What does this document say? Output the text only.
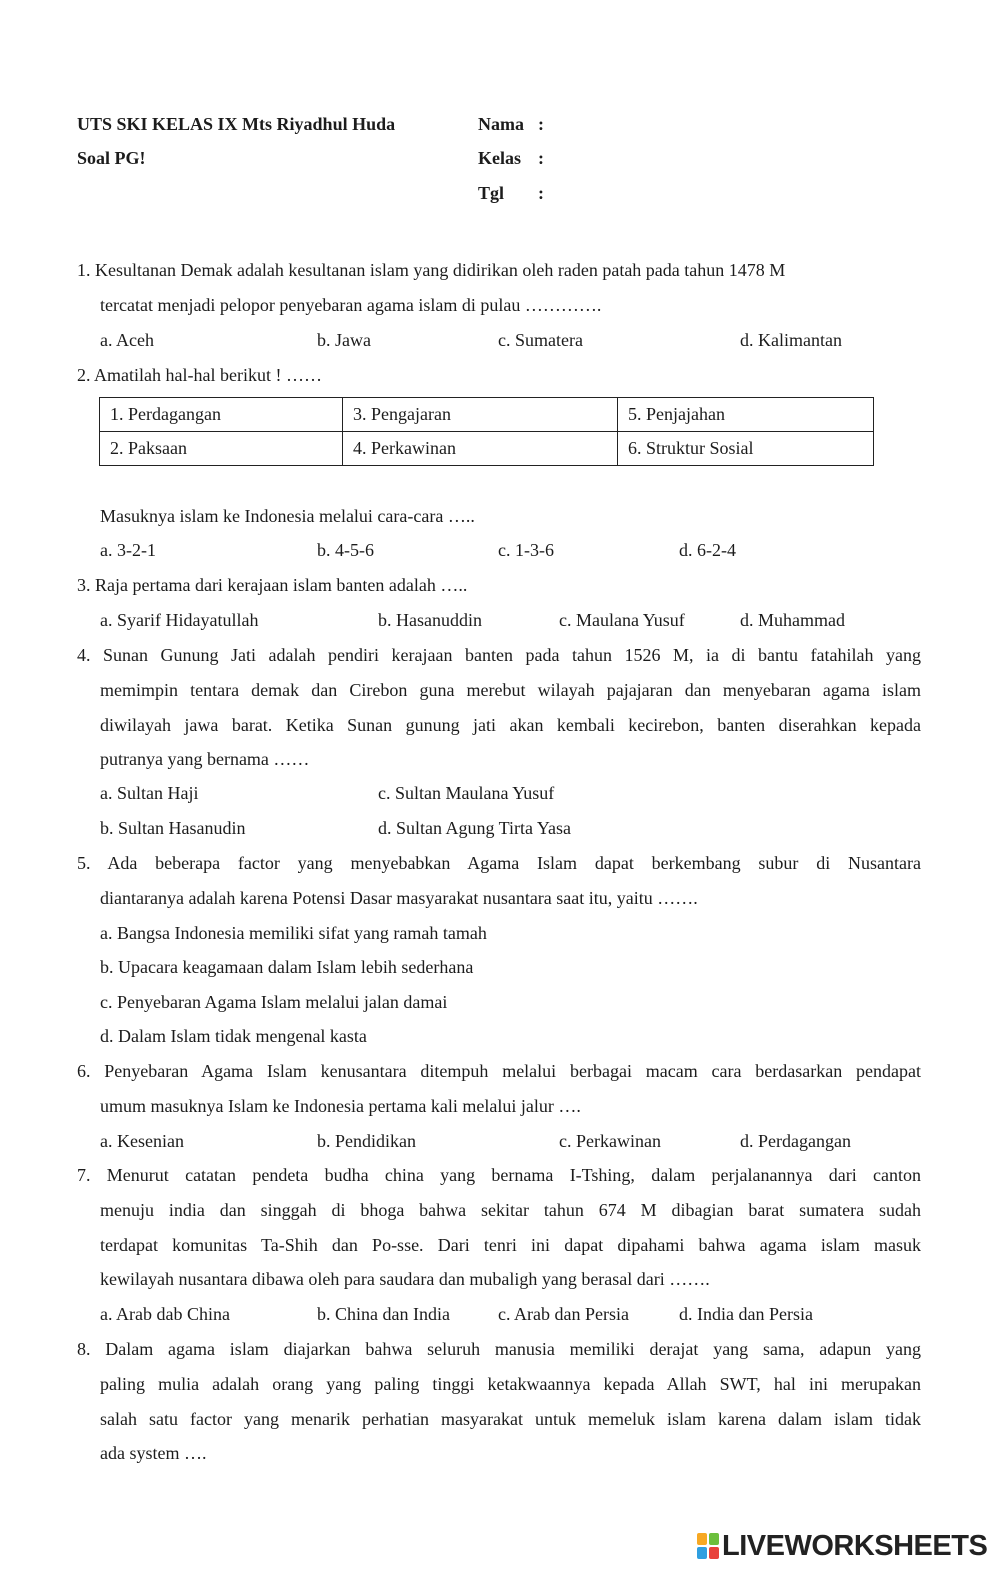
UTS SKI KELAS IX Mts Riyadhul Huda
Soal PG!
Nama :
Kelas :
Tgl :
1. Kesultanan Demak adalah kesultanan islam yang didirikan oleh raden patah pada tahun 1478 M
tercatat menjadi pelopor penyebaran agama islam di pulau ………….
a. Aceh	b. Jawa	c. Sumatera	d. Kalimantan
2. Amatilah hal-hal berikut ! ……
1. Perdagangan	3. Pengajaran	5. Penjajahan
2. Paksaan	4. Perkawinan	6. Struktur Sosial
Masuknya islam ke Indonesia melalui cara-cara …..
a. 3-2-1	b. 4-5-6	c. 1-3-6	d. 6-2-4
3. Raja pertama dari kerajaan islam banten adalah …..
a. Syarif Hidayatullah	b. Hasanuddin	c. Maulana Yusuf	d. Muhammad
4. Sunan Gunung Jati adalah pendiri kerajaan banten pada tahun 1526 M, ia di bantu fatahilah yang
memimpin tentara demak dan Cirebon guna merebut wilayah pajajaran dan menyebaran agama islam
diwilayah jawa barat. Ketika Sunan gunung jati akan kembali kecirebon, banten diserahkan kepada
putranya yang bernama ……
a. Sultan Haji	c. Sultan Maulana Yusuf
b. Sultan Hasanudin	d. Sultan Agung Tirta Yasa
5. Ada beberapa factor yang menyebabkan Agama Islam dapat berkembang subur di Nusantara
diantaranya adalah karena Potensi Dasar masyarakat nusantara saat itu, yaitu …….
a. Bangsa Indonesia memiliki sifat yang ramah tamah
b. Upacara keagamaan dalam Islam lebih sederhana
c. Penyebaran Agama Islam melalui jalan damai
d. Dalam Islam tidak mengenal kasta
6. Penyebaran Agama Islam kenusantara ditempuh melalui berbagai macam cara berdasarkan pendapat
umum masuknya Islam ke Indonesia pertama kali melalui jalur ….
a. Kesenian	b. Pendidikan	c. Perkawinan	d. Perdagangan
7. Menurut catatan pendeta budha china yang bernama I-Tshing, dalam perjalanannya dari canton
menuju india dan singgah di bhoga bahwa sekitar tahun 674 M dibagian barat sumatera sudah
terdapat komunitas Ta-Shih dan Po-sse. Dari tenri ini dapat dipahami bahwa agama islam masuk
kewilayah nusantara dibawa oleh para saudara dan mubaligh yang berasal dari …….
a. Arab dab China	b. China dan India	c. Arab dan Persia	d. India dan Persia
8. Dalam agama islam diajarkan bahwa seluruh manusia memiliki derajat yang sama, adapun yang
paling mulia adalah orang yang paling tinggi ketakwaannya kepada Allah SWT, hal ini merupakan
salah satu factor yang menarik perhatian masyarakat untuk memeluk islam karena dalam islam tidak
ada system ….
LIVEWORKSHEETS
